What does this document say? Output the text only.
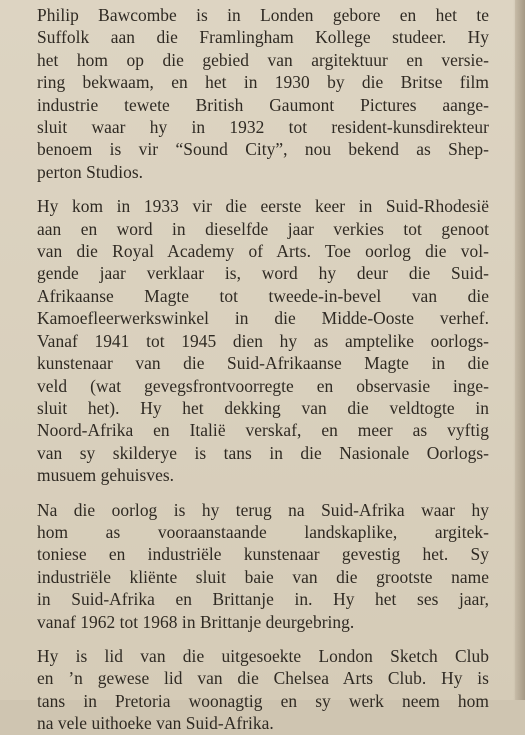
Philip Bawcombe is in Londen gebore en het te
Suffolk aan die Framlingham Kollege studeer. Hy
het hom op die gebied van argitektuur en versie-
ring bekwaam, en het in 1930 by die Britse film
industrie tewete British Gaumont Pictures aange-
sluit waar hy in 1932 tot resident-kunsdirekteur
benoem is vir “Sound City”, nou bekend as Shep-
perton Studios.
Hy kom in 1933 vir die eerste keer in Suid-Rhodesië
aan en word in dieselfde jaar verkies tot genoot
van die Royal Academy of Arts. Toe oorlog die vol-
gende jaar verklaar is, word hy deur die Suid-
Afrikaanse Magte tot tweede-in-bevel van die
Kamoefleerwerkswinkel in die Midde-Ooste verhef.
Vanaf 1941 tot 1945 dien hy as amptelike oorlogs-
kunstenaar van die Suid-Afrikaanse Magte in die
veld (wat gevegsfrontvoorregte en observasie inge-
sluit het). Hy het dekking van die veldtogte in
Noord-Afrika en Italië verskaf, en meer as vyftig
van sy skilderye is tans in die Nasionale Oorlogs-
musuem gehuisves.
Na die oorlog is hy terug na Suid-Afrika waar hy
hom as vooraanstaande landskaplike, argitek-
toniese en industriële kunstenaar gevestig het. Sy
industriële kliënte sluit baie van die grootste name
in Suid-Afrika en Brittanje in. Hy het ses jaar,
vanaf 1962 tot 1968 in Brittanje deurgebring.
Hy is lid van die uitgesoekte London Sketch Club
en ’n gewese lid van die Chelsea Arts Club. Hy is
tans in Pretoria woonagtig en sy werk neem hom
na vele uithoeke van Suid-Afrika.
